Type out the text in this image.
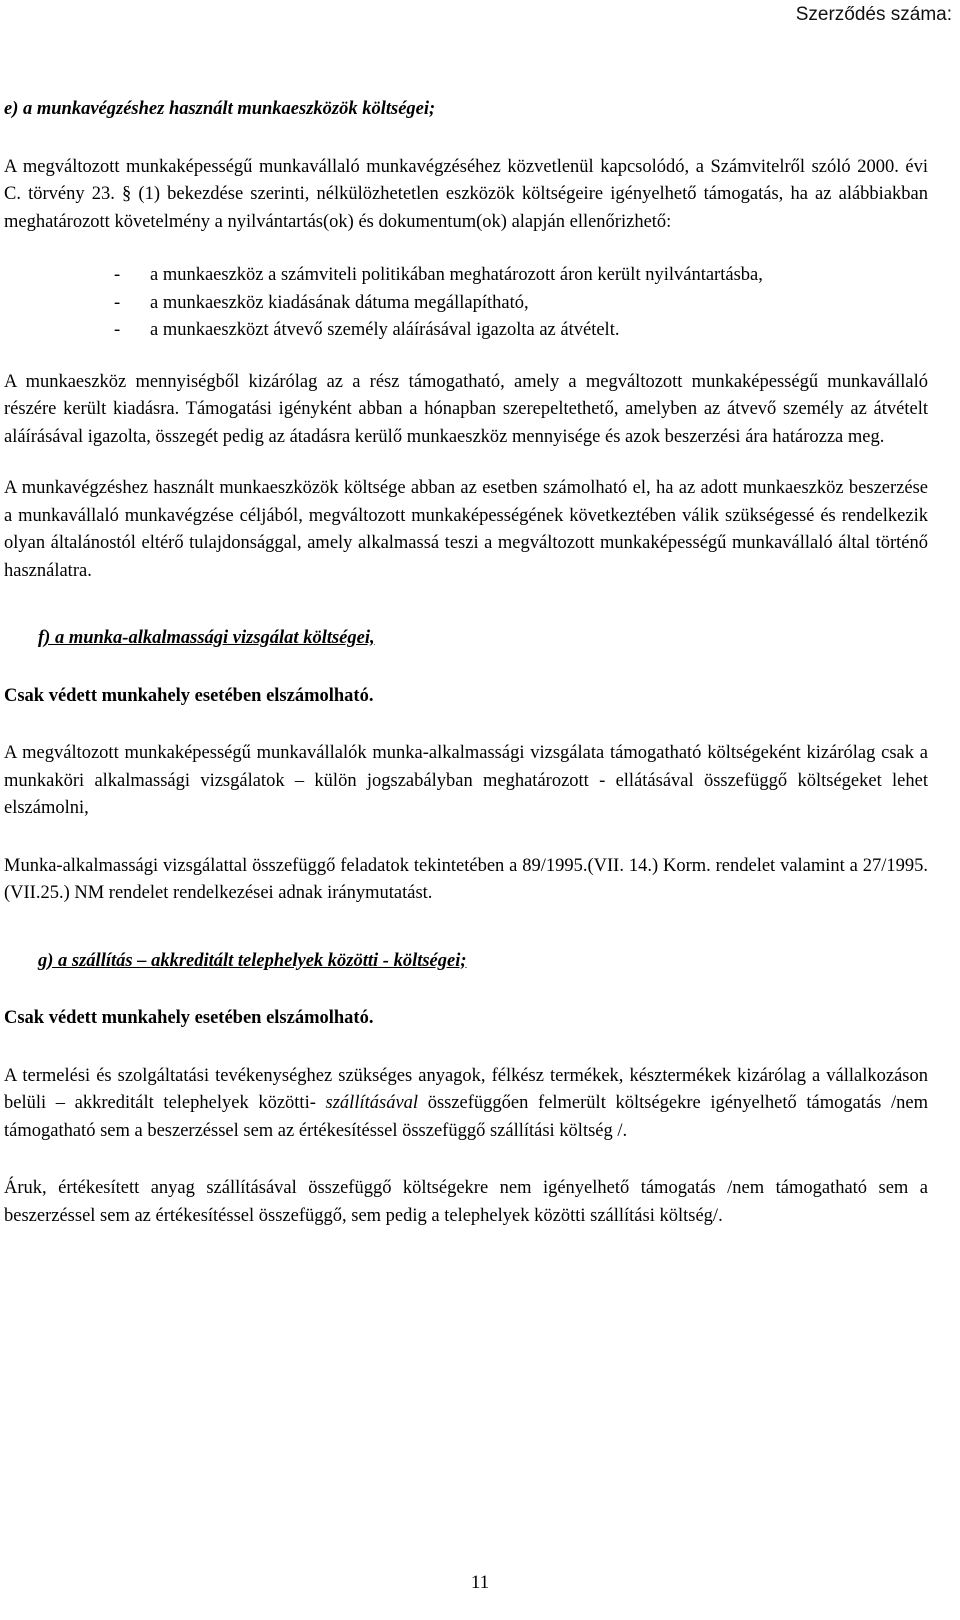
Szerződés száma:

e) a munkavégzéshez használt munkaeszközök költségei;

A megváltozott munkaképességű munkavállaló munkavégzéséhez közvetlenül kapcsolódó, a Számvitelről szóló 2000. évi C. törvény 23. § (1) bekezdése szerinti, nélkülözhetetlen eszközök költségeire igényelhető támogatás, ha az alábbiakban meghatározott követelmény a nyilvántartás(ok) és dokumentum(ok) alapján ellenőrizhető:

- a munkaeszköz a számviteli politikában meghatározott áron került nyilvántartásba,
- a munkaeszköz kiadásának dátuma megállapítható,
- a munkaeszközt átvevő személy aláírásával igazolta az átvételt.

A munkaeszköz mennyiségből kizárólag az a rész támogatható, amely a megváltozott munkaképességű munkavállaló részére került kiadásra. Támogatási igényként abban a hónapban szerepeltethető, amelyben az átvevő személy az átvételt aláírásával igazolta, összegét pedig az átadásra kerülő munkaeszköz mennyisége és azok beszerzési ára határozza meg.

A munkavégzéshez használt munkaeszközök költsége abban az esetben számolható el, ha az adott munkaeszköz beszerzése a munkavállaló munkavégzése céljából, megváltozott munkaképességének következtében válik szükségessé és rendelkezik olyan általánostól eltérő tulajdonsággal, amely alkalmassá teszi a megváltozott munkaképességű munkavállaló által történő használatra.

f) a munka-alkalmassági vizsgálat költségei,

Csak védett munkahely esetében elszámolható.

A megváltozott munkaképességű munkavállalók munka-alkalmassági vizsgálata támogatható költségeként kizárólag csak a munkaköri alkalmassági vizsgálatok – külön jogszabályban meghatározott - ellátásával összefüggő költségeket lehet elszámolni,

Munka-alkalmassági vizsgálattal összefüggő feladatok tekintetében a 89/1995.(VII. 14.) Korm. rendelet valamint a 27/1995.(VII.25.) NM rendelet rendelkezései adnak iránymutatást.

g) a szállítás – akkreditált telephelyek közötti - költségei;

Csak védett munkahely esetében elszámolható.

A termelési és szolgáltatási tevékenységhez szükséges anyagok, félkész termékek, késztermékek kizárólag a vállalkozáson belüli – akkreditált telephelyek közötti- szállításával összefüggően felmerült költségekre igényelhető támogatás /nem támogatható sem a beszerzéssel sem az értékesítéssel összefüggő szállítási költség /.

Áruk, értékesített anyag szállításával összefüggő költségekre nem igényelhető támogatás /nem támogatható sem a beszerzéssel sem az értékesítéssel összefüggő, sem pedig a telephelyek közötti szállítási költség/.

11
